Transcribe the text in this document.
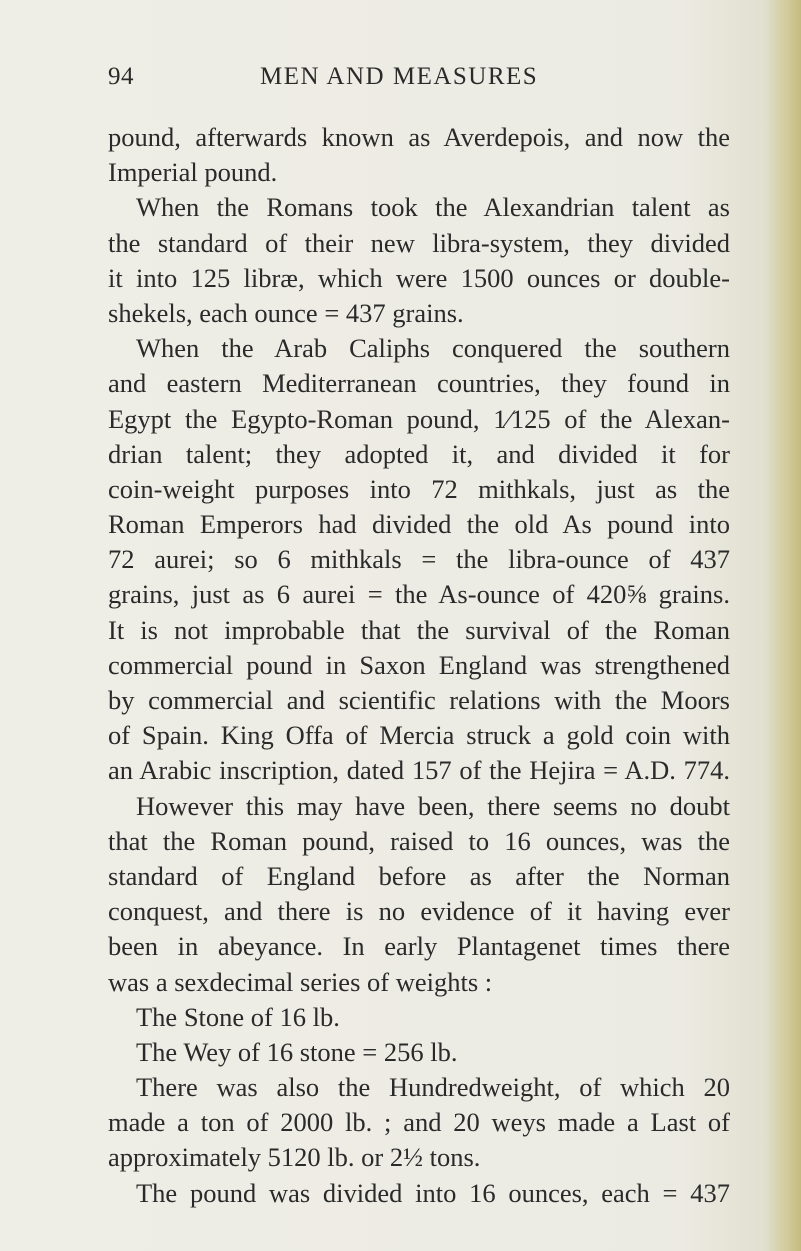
94	MEN AND MEASURES
pound, afterwards known as Averdepois, and now the
Imperial pound.
When the Romans took the Alexandrian talent as
the standard of their new libra-system, they divided
it into 125 libræ, which were 1500 ounces or double-
shekels, each ounce = 437 grains.
When the Arab Caliphs conquered the southern
and eastern Mediterranean countries, they found in
Egypt the Egypto-Roman pound, 1⁄125 of the Alexan-
drian talent; they adopted it, and divided it for
coin-weight purposes into 72 mithkals, just as the
Roman Emperors had divided the old As pound into
72 aurei; so 6 mithkals = the libra-ounce of 437
grains, just as 6 aurei = the As-ounce of 420⅝ grains.
It is not improbable that the survival of the Roman
commercial pound in Saxon England was strengthened
by commercial and scientific relations with the Moors
of Spain. King Offa of Mercia struck a gold coin with
an Arabic inscription, dated 157 of the Hejira = A.D. 774.
However this may have been, there seems no doubt
that the Roman pound, raised to 16 ounces, was the
standard of England before as after the Norman
conquest, and there is no evidence of it having ever
been in abeyance. In early Plantagenet times there
was a sexdecimal series of weights :
The Stone of 16 lb.
The Wey of 16 stone = 256 lb.
There was also the Hundredweight, of which 20
made a ton of 2000 lb. ; and 20 weys made a Last of
approximately 5120 lb. or 2½ tons.
The pound was divided into 16 ounces, each = 437
